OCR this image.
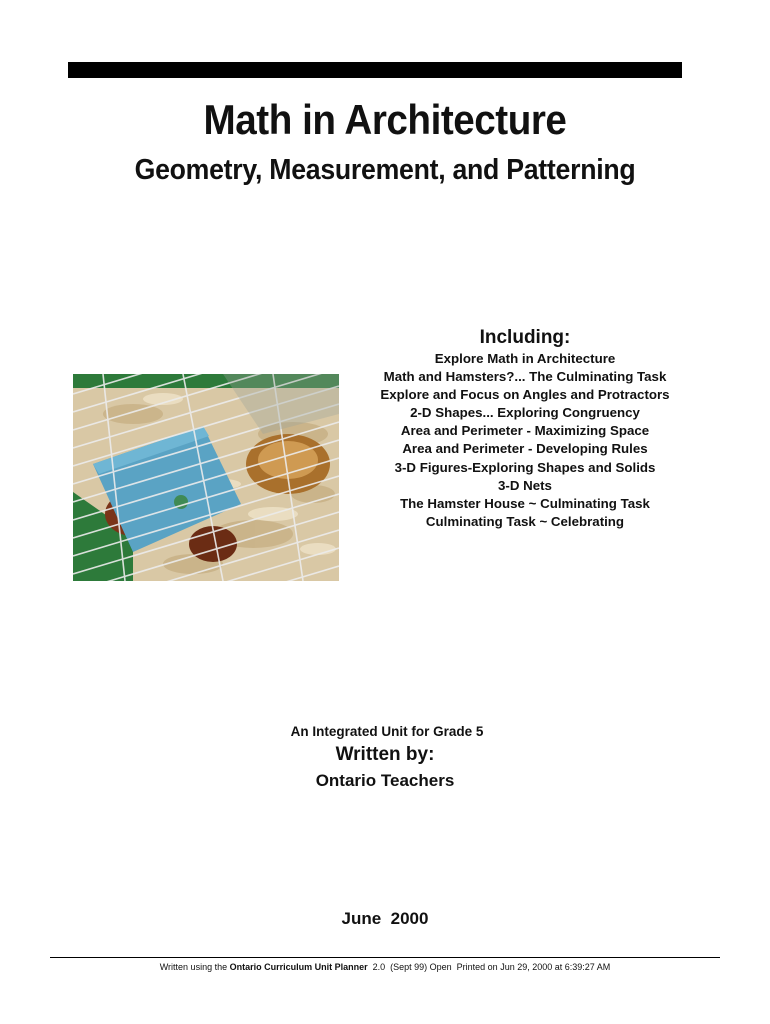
Math in Architecture
Geometry, Measurement, and Patterning
Including:
Explore Math in Architecture
Math and Hamsters?... The Culminating Task
Explore and Focus on Angles and Protractors
2-D Shapes... Exploring Congruency
Area and Perimeter - Maximizing Space
Area and Perimeter - Developing Rules
3-D Figures-Exploring Shapes and Solids
3-D Nets
The Hamster House ~ Culminating Task
Culminating Task ~ Celebrating
An Integrated Unit for Grade 5
Written by:
Ontario Teachers
June  2000
Written using the Ontario Curriculum Unit Planner  2.0  (Sept 99) Open  Printed on Jun 29, 2000 at 6:39:27 AM
